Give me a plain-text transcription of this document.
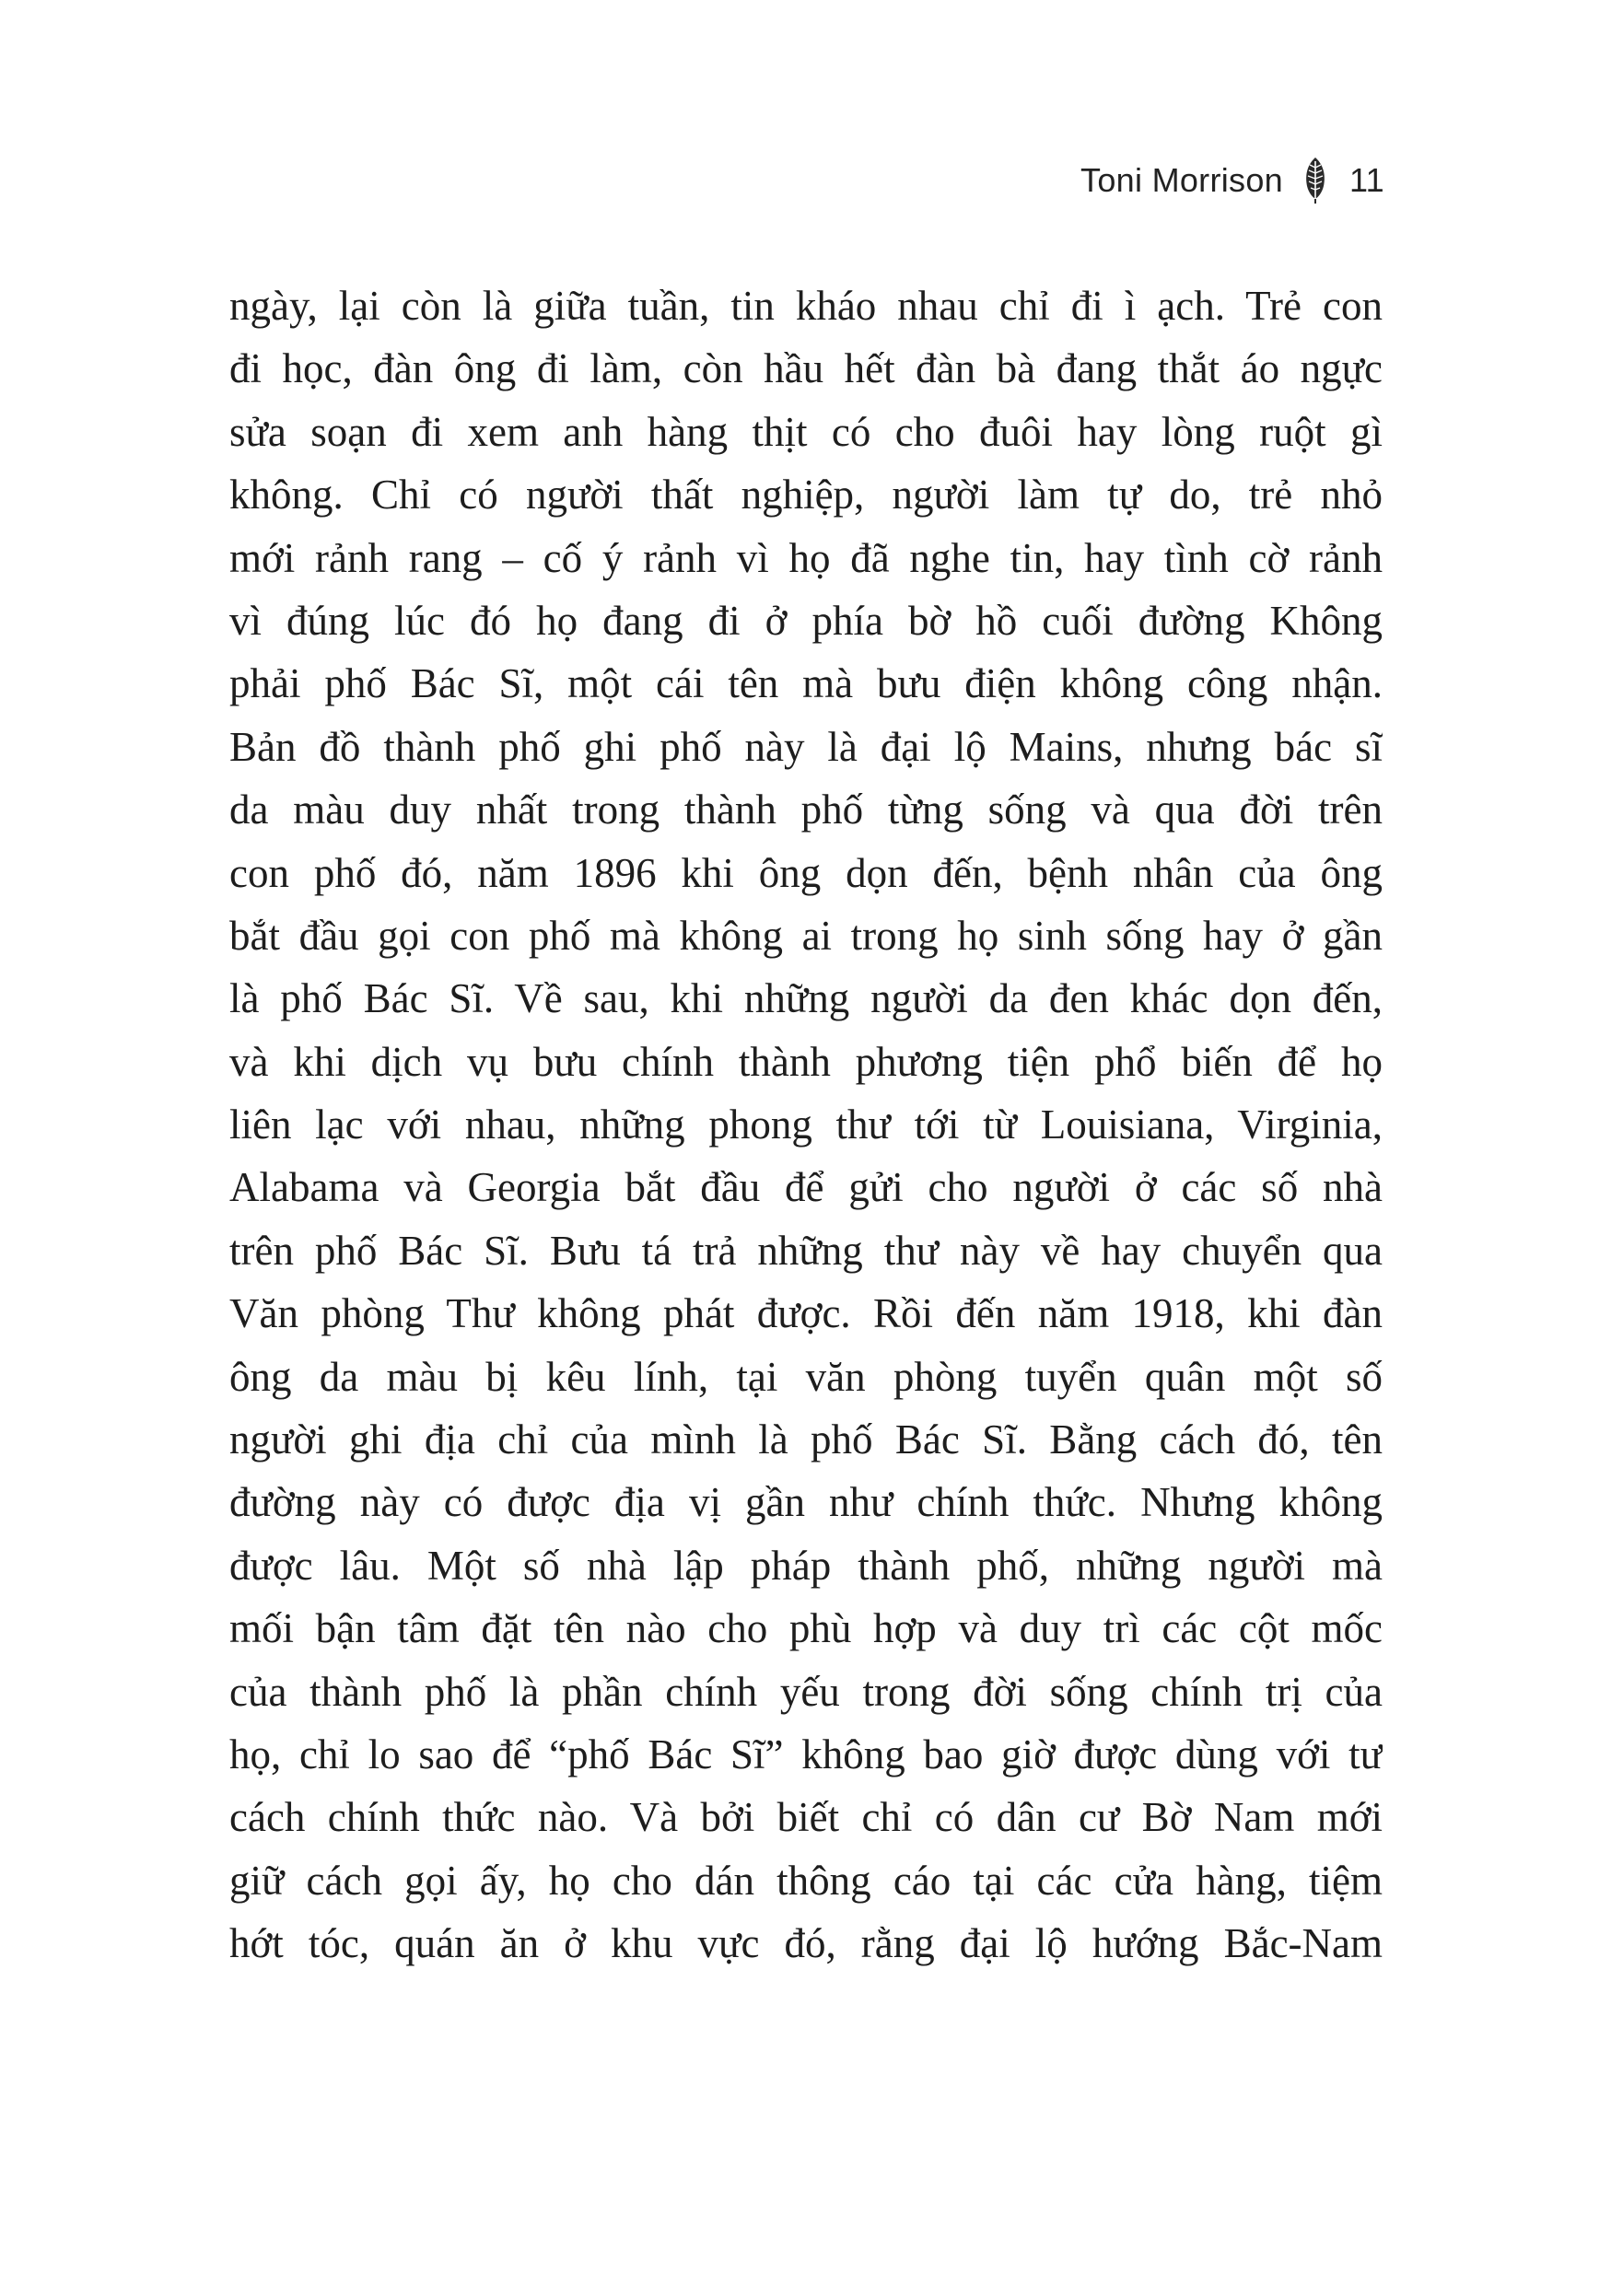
Toni Morrison 11
ngày, lại còn là giữa tuần, tin kháo nhau chỉ đi ì ạch. Trẻ con
đi học, đàn ông đi làm, còn hầu hết đàn bà đang thắt áo ngực
sửa soạn đi xem anh hàng thịt có cho đuôi hay lòng ruột gì
không. Chỉ có người thất nghiệp, người làm tự do, trẻ nhỏ
mới rảnh rang – cố ý rảnh vì họ đã nghe tin, hay tình cờ rảnh
vì đúng lúc đó họ đang đi ở phía bờ hồ cuối đường Không
phải phố Bác Sĩ, một cái tên mà bưu điện không công nhận.
Bản đồ thành phố ghi phố này là đại lộ Mains, nhưng bác sĩ
da màu duy nhất trong thành phố từng sống và qua đời trên
con phố đó, năm 1896 khi ông dọn đến, bệnh nhân của ông
bắt đầu gọi con phố mà không ai trong họ sinh sống hay ở gần
là phố Bác Sĩ. Về sau, khi những người da đen khác dọn đến,
và khi dịch vụ bưu chính thành phương tiện phổ biến để họ
liên lạc với nhau, những phong thư tới từ Louisiana, Virginia,
Alabama và Georgia bắt đầu để gửi cho người ở các số nhà
trên phố Bác Sĩ. Bưu tá trả những thư này về hay chuyển qua
Văn phòng Thư không phát được. Rồi đến năm 1918, khi đàn
ông da màu bị kêu lính, tại văn phòng tuyển quân một số
người ghi địa chỉ của mình là phố Bác Sĩ. Bằng cách đó, tên
đường này có được địa vị gần như chính thức. Nhưng không
được lâu. Một số nhà lập pháp thành phố, những người mà
mối bận tâm đặt tên nào cho phù hợp và duy trì các cột mốc
của thành phố là phần chính yếu trong đời sống chính trị của
họ, chỉ lo sao để “phố Bác Sĩ” không bao giờ được dùng với tư
cách chính thức nào. Và bởi biết chỉ có dân cư Bờ Nam mới
giữ cách gọi ấy, họ cho dán thông cáo tại các cửa hàng, tiệm
hớt tóc, quán ăn ở khu vực đó, rằng đại lộ hướng Bắc-Nam
